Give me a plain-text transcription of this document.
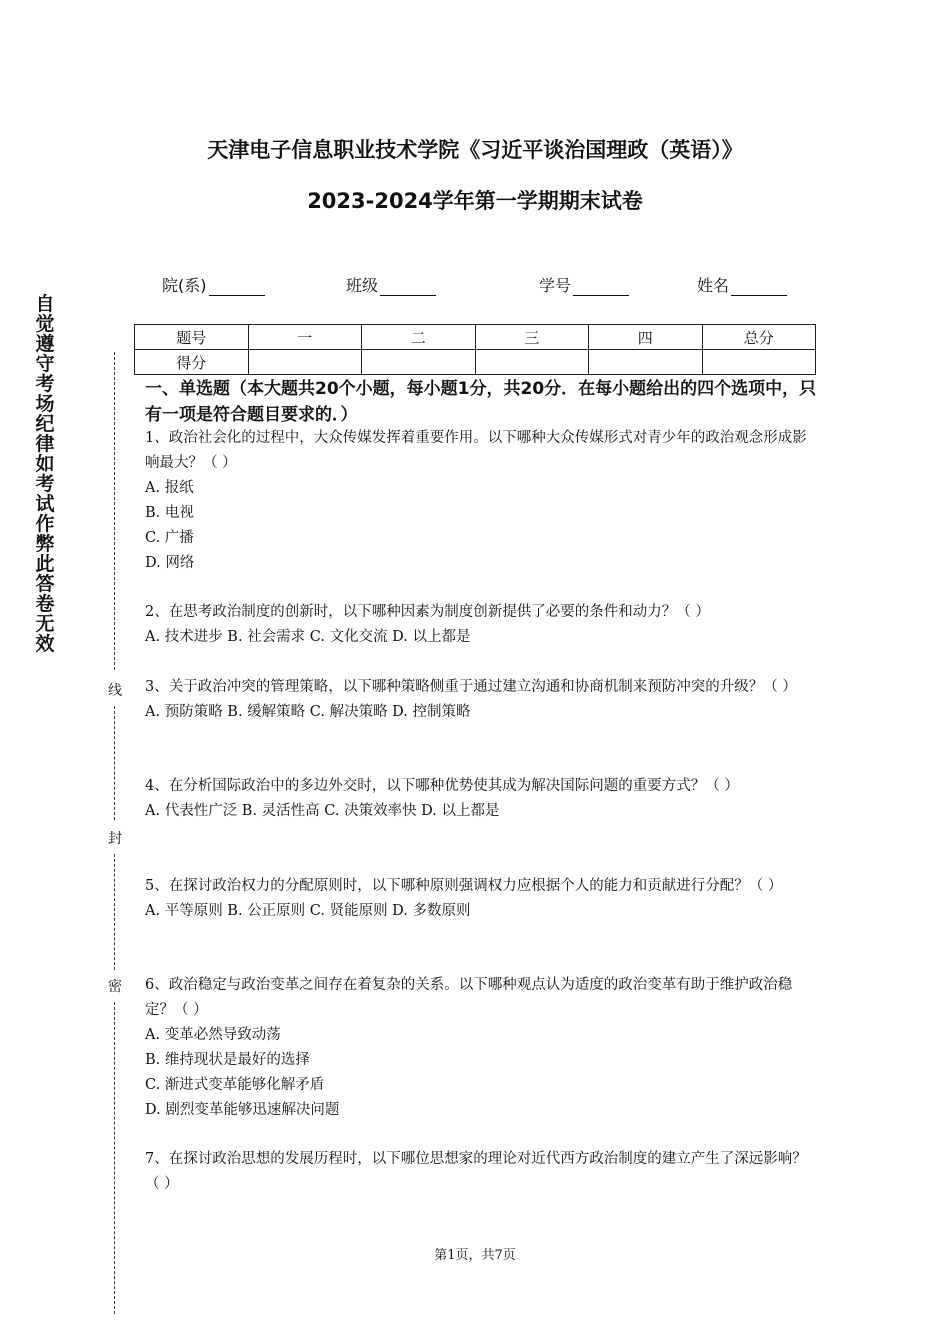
自觉遵守考场纪律如考试作弊此答卷无效
线
封
密
天津电子信息职业技术学院《习近平谈治国理政（英语）》
2023-2024学年第一学期期末试卷
院(系)	班级	学号	姓名
题号	一	二	三	四	总分
得分					
一、单选题（本大题共20个小题，每小题1分，共20分．在每小题给出的四个选项中，只有一项是符合题目要求的．）

1、政治社会化的过程中，大众传媒发挥着重要作用。以下哪种大众传媒形式对青少年的政治观念形成影响最大？（ ）

A. 报纸

B. 电视

C. 广播

D. 网络

2、在思考政治制度的创新时，以下哪种因素为制度创新提供了必要的条件和动力？（ ）

A. 技术进步 B. 社会需求 C. 文化交流 D. 以上都是

3、关于政治冲突的管理策略，以下哪种策略侧重于通过建立沟通和协商机制来预防冲突的升级？（ ）

A. 预防策略 B. 缓解策略 C. 解决策略 D. 控制策略

4、在分析国际政治中的多边外交时，以下哪种优势使其成为解决国际问题的重要方式？（ ）

A. 代表性广泛 B. 灵活性高 C. 决策效率快 D. 以上都是

5、在探讨政治权力的分配原则时，以下哪种原则强调权力应根据个人的能力和贡献进行分配？（ ）

A. 平等原则 B. 公正原则 C. 贤能原则 D. 多数原则

6、政治稳定与政治变革之间存在着复杂的关系。以下哪种观点认为适度的政治变革有助于维护政治稳定？（ ）

A. 变革必然导致动荡

B. 维持现状是最好的选择

C. 渐进式变革能够化解矛盾

D. 剧烈变革能够迅速解决问题

7、在探讨政治思想的发展历程时，以下哪位思想家的理论对近代西方政治制度的建立产生了深远影响？（ ）

第1页，共7页
